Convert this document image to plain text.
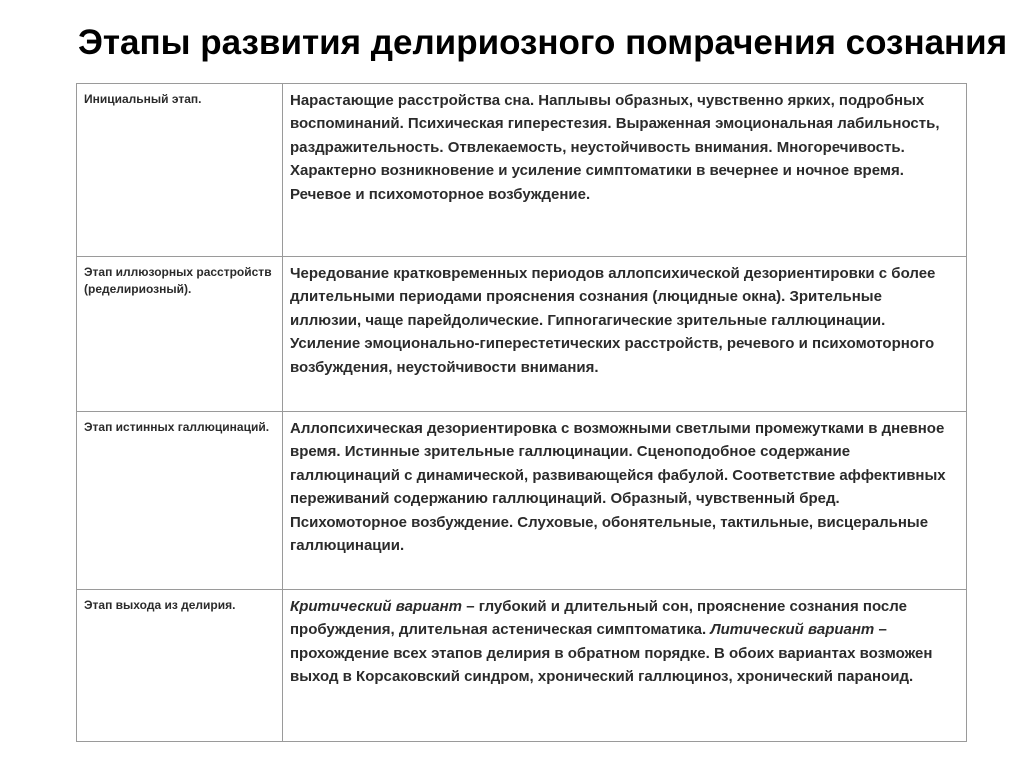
Этапы развития делириозного помрачения сознания
Инициальный этап.	Нарастающие расстройства сна. Наплывы образных, чувственно ярких, подробных воспоминаний. Психическая гиперестезия. Выраженная эмоциональная лабильность, раздражительность. Отвлекаемость, неустойчивость внимания. Многоречивость. Характерно возникновение и усиление симптоматики в вечернее и ночное время. Речевое и психомоторное возбуждение.

Этап иллюзорных расстройств (ределириозный).	Чередование кратковременных периодов аллопсихической дезориентировки с более длительными периодами прояснения сознания (люцидные окна). Зрительные иллюзии, чаще парейдолические. Гипногагические зрительные галлюцинации. Усиление эмоционально-гиперестетических расстройств, речевого и психомоторного возбуждения, неустойчивости внимания.

Этап истинных галлюцинаций.	Аллопсихическая дезориентировка с возможными светлыми промежутками в дневное время. Истинные зрительные галлюцинации. Сценоподобное содержание галлюцинаций с динамической, развивающейся фабулой. Соответствие аффективных переживаний содержанию галлюцинаций. Образный, чувственный бред. Психомоторное возбуждение. Слуховые, обонятельные, тактильные, висцеральные галлюцинации.

Этап выхода из делирия.	Критический вариант – глубокий и длительный сон, прояснение сознания после пробуждения, длительная астеническая симптоматика. Литический вариант – прохождение всех этапов делирия в обратном порядке. В обоих вариантах возможен выход в Корсаковский синдром, хронический галлюциноз, хронический параноид.
